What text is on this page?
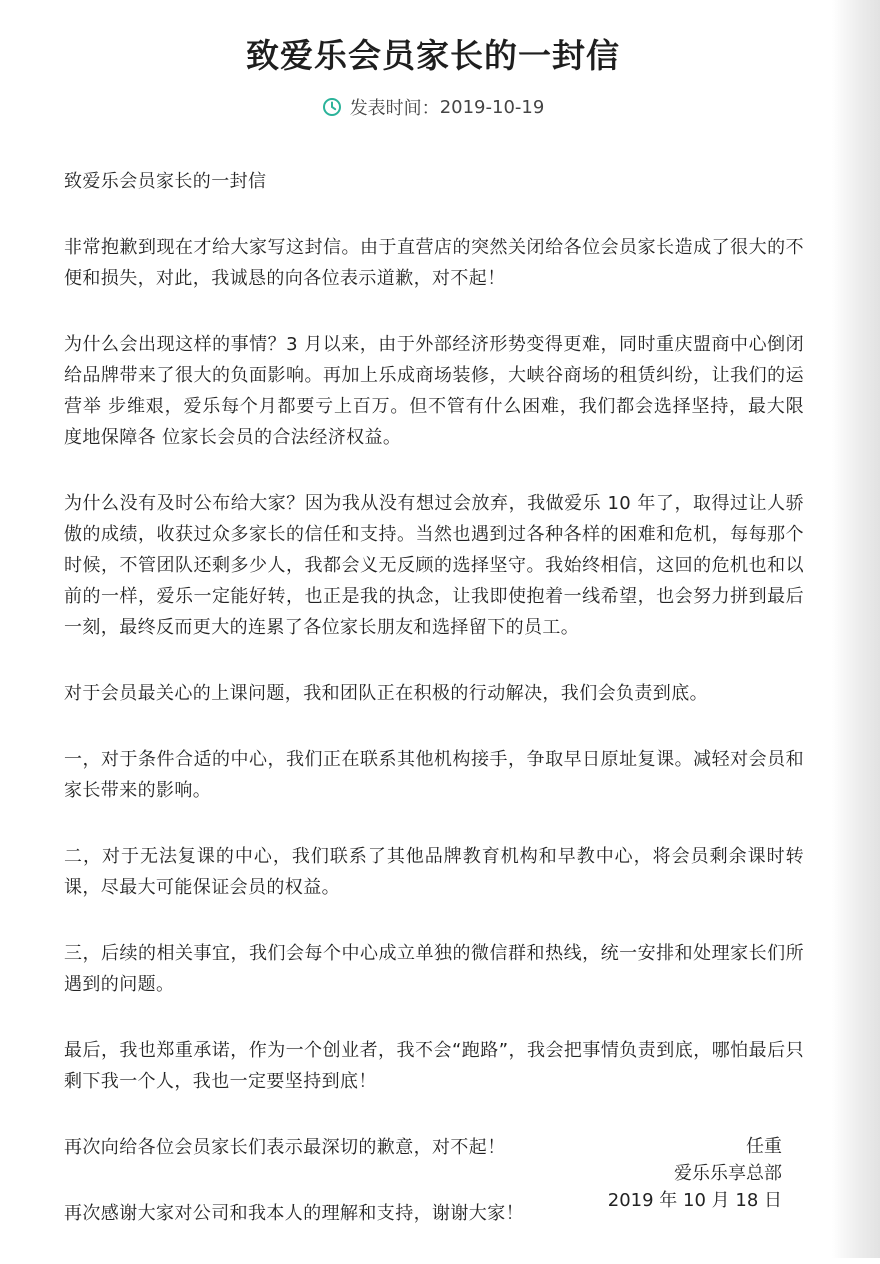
致爱乐会员家长的一封信
发表时间： 2019-10-19

致爱乐会员家长的一封信

非常抱歉到现在才给大家写这封信。由于直营店的突然关闭给各位会员家长造成了很大的不便和损失，对此，我诚恳的向各位表示道歉，对不起！

为什么会出现这样的事情？3 月以来，由于外部经济形势变得更难，同时重庆盟商中心倒闭给品牌带来了很大的负面影响。再加上乐成商场装修，大峡谷商场的租赁纠纷，让我们的运营举 步维艰，爱乐每个月都要亏上百万。但不管有什么困难，我们都会选择坚持，最大限度地保障各 位家长会员的合法经济权益。

为什么没有及时公布给大家？因为我从没有想过会放弃，我做爱乐 10 年了，取得过让人骄傲的成绩，收获过众多家长的信任和支持。当然也遇到过各种各样的困难和危机，每每那个时候，不管团队还剩多少人，我都会义无反顾的选择坚守。我始终相信，这回的危机也和以前的一样，爱乐一定能好转，也正是我的执念，让我即使抱着一线希望，也会努力拼到最后一刻，最终反而更大的连累了各位家长朋友和选择留下的员工。

对于会员最关心的上课问题，我和团队正在积极的行动解决，我们会负责到底。

一，对于条件合适的中心，我们正在联系其他机构接手，争取早日原址复课。减轻对会员和家长带来的影响。

二，对于无法复课的中心，我们联系了其他品牌教育机构和早教中心，将会员剩余课时转课，尽最大可能保证会员的权益。

三，后续的相关事宜，我们会每个中心成立单独的微信群和热线，统一安排和处理家长们所遇到的问题。

最后，我也郑重承诺，作为一个创业者，我不会“跑路”，我会把事情负责到底，哪怕最后只剩下我一个人，我也一定要坚持到底！

再次向给各位会员家长们表示最深切的歉意，对不起！

再次感谢大家对公司和我本人的理解和支持，谢谢大家！

任重
爱乐乐享总部
2019 年 10 月 18 日
